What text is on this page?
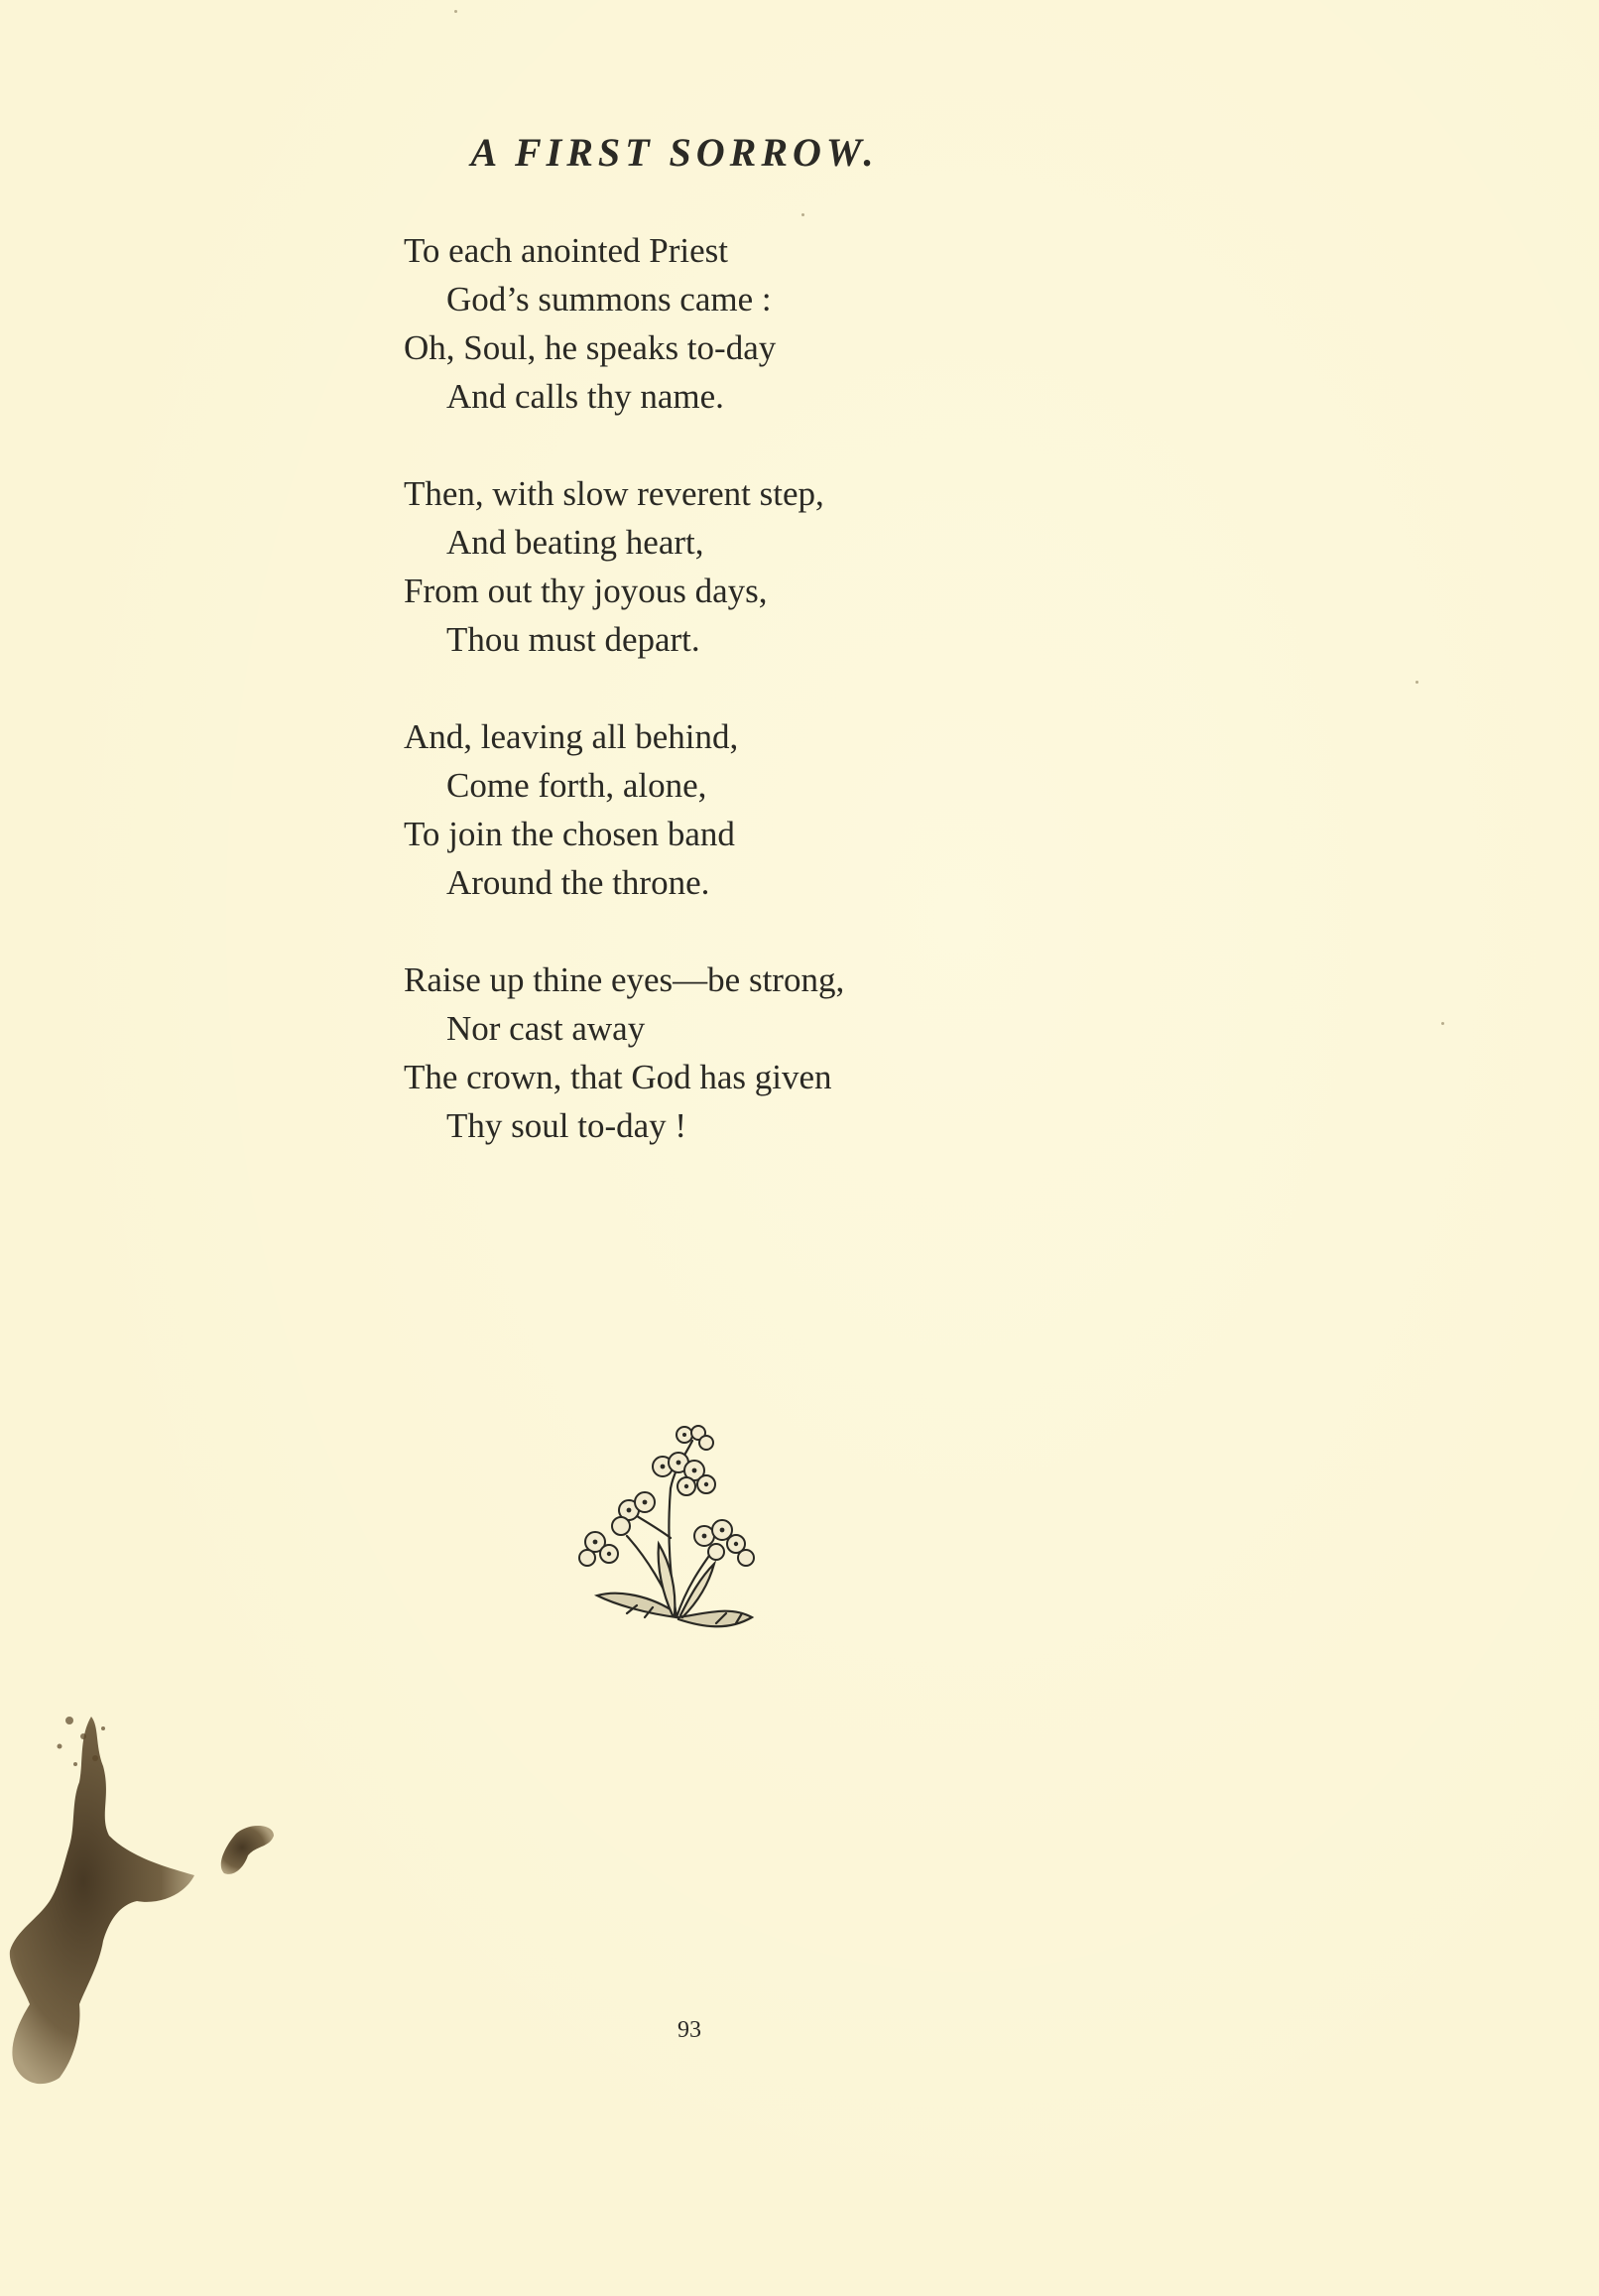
A FIRST SORROW.
To each anointed Priest
God’s summons came :
Oh, Soul, he speaks to-day
And calls thy name.
Then, with slow reverent step,
And beating heart,
From out thy joyous days,
Thou must depart.
And, leaving all behind,
Come forth, alone,
To join the chosen band
Around the throne.
Raise up thine eyes—be strong,
Nor cast away
The crown, that God has given
Thy soul to-day !
93
